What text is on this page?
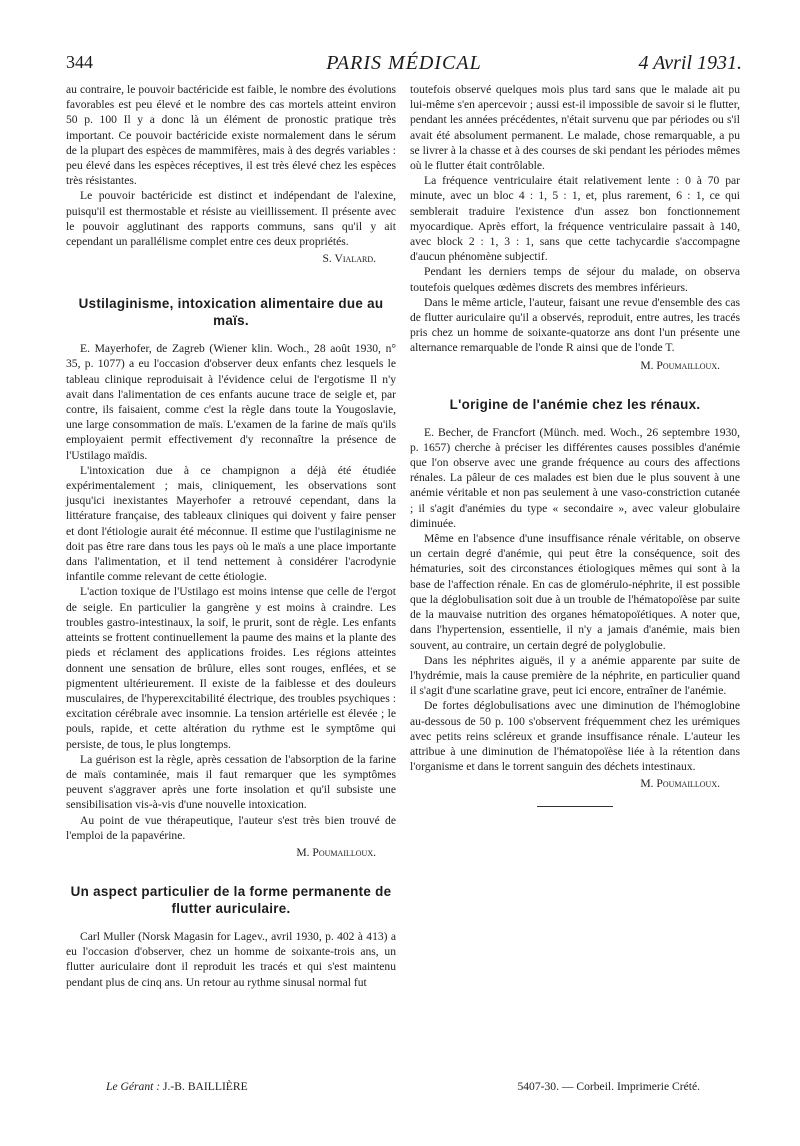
344	PARIS MÉDICAL	4 Avril 1931.

au contraire, le pouvoir bactéricide est faible, le nombre des évolutions favorables est peu élevé et le nombre des cas mortels atteint environ 50 p. 100 Il y a donc là un élément de pronostic pratique très important. Ce pouvoir bactéricide existe normalement dans le sérum de la plupart des espèces de mammifères, mais à des degrés variables : peu élevé dans les espèces réceptives, il est très élevé chez les espèces très résistantes.

Le pouvoir bactéricide est distinct et indépendant de l'alexine, puisqu'il est thermostable et résiste au vieillissement. Il présente avec le pouvoir agglutinant des rapports communs, sans qu'il y ait cependant un parallélisme complet entre ces deux propriétés.

S. Vialard.
Ustilaginisme, intoxication alimentaire due au maïs.

E. Mayerhofer, de Zagreb (Wiener klin. Woch., 28 août 1930, n° 35, p. 1077) a eu l'occasion d'observer deux enfants chez lesquels le tableau clinique reproduisait à l'évidence celui de l'ergotisme Il n'y avait dans l'alimentation de ces enfants aucune trace de seigle et, par contre, ils faisaient, comme c'est la règle dans toute la Yougoslavie, une large consommation de maïs. L'examen de la farine de maïs qu'ils employaient permit effectivement d'y reconnaître la présence de l'Ustilago maïdis.

L'intoxication due à ce champignon a déjà été étudiée expérimentalement ; mais, cliniquement, les observations sont jusqu'ici inexistantes Mayerhofer a retrouvé cependant, dans la littérature française, des tableaux cliniques qui doivent y faire penser et dont l'étiologie aurait été méconnue. Il estime que l'ustilaginisme ne doit pas être rare dans tous les pays où le maïs a une place importante dans l'alimentation, et il tend nettement à considérer l'acrodynie infantile comme relevant de cette étiologie.

L'action toxique de l'Ustilago est moins intense que celle de l'ergot de seigle. En particulier la gangrène y est moins à craindre. Les troubles gastro-intestinaux, la soif, le prurit, sont de règle. Les enfants atteints se frottent continuellement la paume des mains et la plante des pieds et réclament des applications froides. Les régions atteintes donnent une sensation de brûlure, elles sont rouges, enflées, et se pigmentent ultérieurement. Il existe de la faiblesse et des douleurs musculaires, de l'hyperexcitabilité électrique, des troubles psychiques : excitation cérébrale avec insomnie. La tension artérielle est élevée ; le pouls, rapide, et cette altération du rythme est le symptôme qui persiste, de tous, le plus longtemps.

La guérison est la règle, après cessation de l'absorption de la farine de maïs contaminée, mais il faut remarquer que les symptômes peuvent s'aggraver après une forte insolation et qu'il subsiste une sensibilisation vis-à-vis d'une nouvelle intoxication.

Au point de vue thérapeutique, l'auteur s'est très bien trouvé de l'emploi de la papavérine.

M. Poumailloux.
Un aspect particulier de la forme permanente de flutter auriculaire.

Carl Muller (Norsk Magasin for Lagev., avril 1930, p. 402 à 413) a eu l'occasion d'observer, chez un homme de soixante-trois ans, un flutter auriculaire dont il reproduit les tracés et qui s'est maintenu pendant plus de cinq ans. Un retour au rythme sinusal normal fut

toutefois observé quelques mois plus tard sans que le malade ait pu lui-même s'en apercevoir ; aussi est-il impossible de savoir si le flutter, pendant les années précédentes, n'était survenu que par périodes ou s'il avait été absolument permanent. Le malade, chose remarquable, a pu se livrer à la chasse et à des courses de ski pendant les périodes mêmes où le flutter était contrôlable.

La fréquence ventriculaire était relativement lente : 0 à 70 par minute, avec un bloc 4 : 1, 5 : 1, et, plus rarement, 6 : 1, ce qui semblerait traduire l'existence d'un assez bon fonctionnement myocardique. Après effort, la fréquence ventriculaire passait à 140, avec block 2 : 1, 3 : 1, sans que cette tachycardie s'accompagne d'aucun phénomène subjectif.

Pendant les derniers temps de séjour du malade, on observa toutefois quelques œdèmes discrets des membres inférieurs.

Dans le même article, l'auteur, faisant une revue d'ensemble des cas de flutter auriculaire qu'il a observés, reproduit, entre autres, les tracés pris chez un homme de soixante-quatorze ans dont l'un présente une alternance remarquable de l'onde R ainsi que de l'onde T.

M. Poumailloux.
L'origine de l'anémie chez les rénaux.

E. Becher, de Francfort (Münch. med. Woch., 26 septembre 1930, p. 1657) cherche à préciser les différentes causes possibles d'anémie que l'on observe avec une grande fréquence au cours des affections rénales. La pâleur de ces malades est bien due le plus souvent à une anémie véritable et non pas seulement à une vaso-constriction cutanée ; il s'agit d'anémies du type « secondaire », avec valeur globulaire diminuée.

Même en l'absence d'une insuffisance rénale véritable, on observe un certain degré d'anémie, qui peut être la conséquence, soit des hématuries, soit des circonstances étiologiques mêmes qui sont à la base de l'affection rénale. En cas de glomérulo-néphrite, il est possible que la déglobulisation soit due à un trouble de l'hématopoïèse par suite de la mauvaise nutrition des organes hématopoïétiques. A noter que, dans l'hypertension, essentielle, il n'y a jamais d'anémie, mais bien souvent, au contraire, un certain degré de polyglobulie.

Dans les néphrites aiguës, il y a anémie apparente par suite de l'hydrémie, mais la cause première de la néphrite, en particulier quand il s'agit d'une scarlatine grave, peut ici encore, entraîner de l'anémie.

De fortes déglobulisations avec une diminution de l'hémoglobine au-dessous de 50 p. 100 s'observent fréquemment chez les urémiques avec petits reins scléreux et grande insuffisance rénale. L'auteur les attribue à une diminution de l'hématopoïèse liée à la rétention dans l'organisme et dans le torrent sanguin des déchets intestinaux.

M. Poumailloux.
Le Gérant : J.-B. BAILLIÈRE	5407-30. — Corbeil. Imprimerie Crété.
